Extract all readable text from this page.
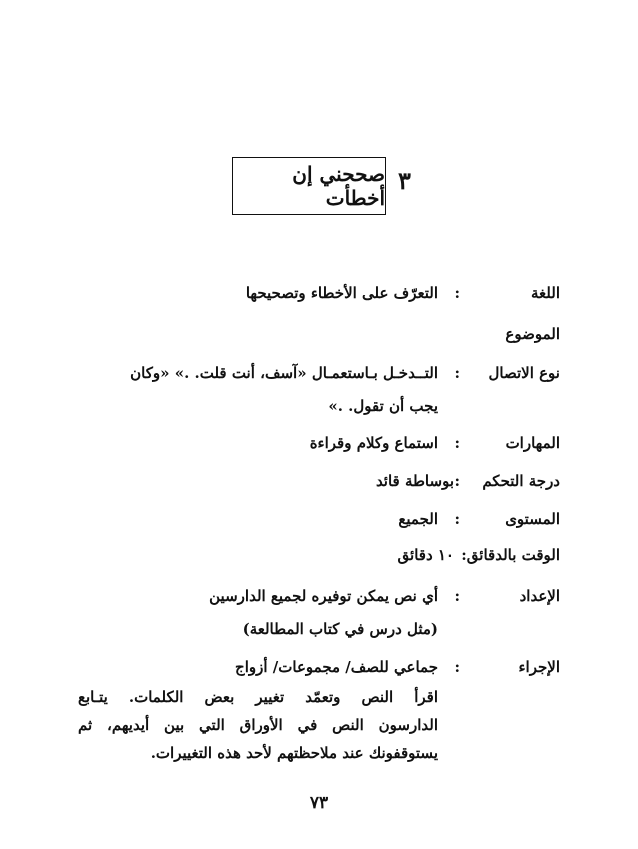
٣
صححني إن أخطأت
اللغة
:
التعرّف على الأخطاء وتصحيحها
الموضوع
نوع الاتصال
:
التــدخـل بـاستعمـال «آسف، أنت قلت. .» «وكان
يجب أن تقول. .»
المهارات
:
استماع وكلام وقراءة
درجة التحكم
:
بوساطة قائد
المستوى
:
الجميع
الوقت بالدقائق:
١٠ دقائق
الإعداد
:
أي نص يمكن توفيره لجميع الدارسين
(مثل درس في كتاب المطالعة)
الإجراء
:
جماعي للصف/ مجموعات/ أزواج
اقرأ النص وتعمّد تغيير بعض الكلمات. يتـابع
الدارسون النص في الأوراق التي بين أيديهم، ثم
يستوقفونك عند ملاحظتهم لأحد هذه التغييرات.
٧٣
